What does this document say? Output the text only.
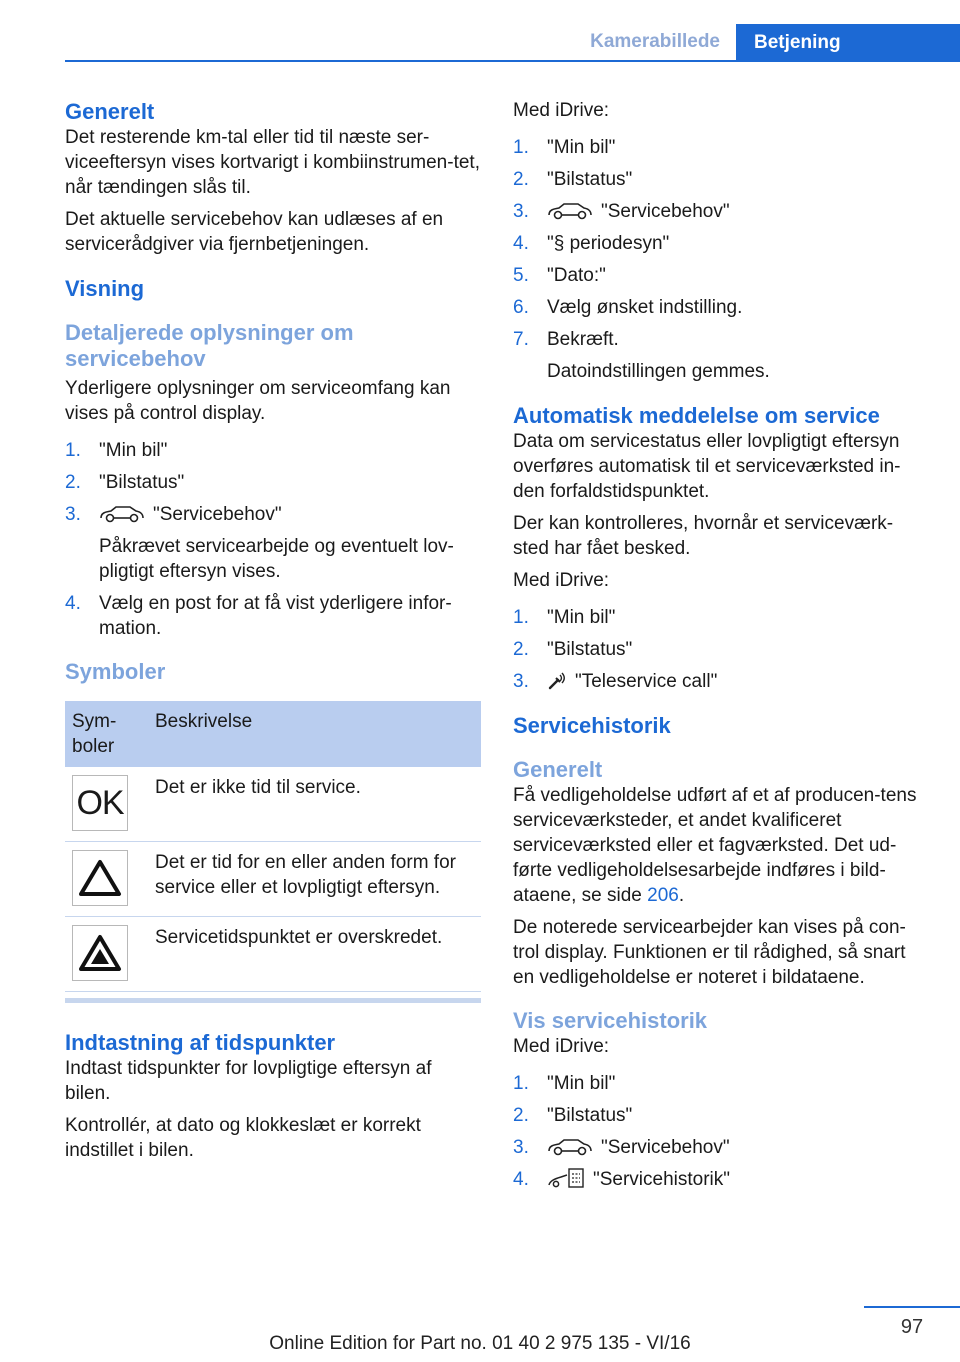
Kamerabillede	Betjening
Generelt

Det resterende km-tal eller tid til næste ser-viceeftersyn vises kortvarigt i kombiinstrumen-tet, når tændingen slås til.

Det aktuelle servicebehov kan udlæses af en servicerådgiver via fjernbetjeningen.

Visning
Detaljerede oplysninger om servicebehov

Yderligere oplysninger om serviceomfang kan vises på control display.

1. "Min bil"
2. "Bilstatus"
3.	"Servicebehov"
Påkrævet servicearbejde og eventuelt lov-pligtigt eftersyn vises.
4. Vælg en post for at få vist yderligere infor-mation.
Symboler
Sym-boler	Beskrivelse

OK	Det er ikke tid til service.

	Det er tid for en eller anden form for service eller et lovpligtigt eftersyn.

	Servicetidspunktet er overskredet.
Indtastning af tidspunkter

Indtast tidspunkter for lovpligtige eftersyn af bilen.

Kontrollér, at dato og klokkeslæt er korrekt indstillet i bilen.

Med iDrive:

1. "Min bil"
2. "Bilstatus"
3.	"Servicebehov"
4. "§ periodesyn"
5. "Dato:"
6. Vælg ønsket indstilling.
7. Bekræft.
Datoindstillingen gemmes.
Automatisk meddelelse om service

Data om servicestatus eller lovpligtigt eftersyn overføres automatisk til et serviceværksted in-den forfaldstidspunktet.

Der kan kontrolleres, hvornår et serviceværk-sted har fået besked.

Med iDrive:

1. "Min bil"
2. "Bilstatus"
3. "Teleservice call"
Servicehistorik
Generelt

Få vedligeholdelse udført af et af producen-tens serviceværksteder, et andet kvalificeret serviceværksted eller et fagværksted. Det ud-førte vedligeholdelsesarbejde indføres i bild-ataene, se side 206.

De noterede servicearbejder kan vises på con-trol display. Funktionen er til rådighed, så snart en vedligeholdelse er noteret i bildataene.

Vis servicehistorik

Med iDrive:

1. "Min bil"
2. "Bilstatus"
3.	"Servicebehov"
4.	"Servicehistorik"
97
Online Edition for Part no. 01 40 2 975 135 - VI/16
